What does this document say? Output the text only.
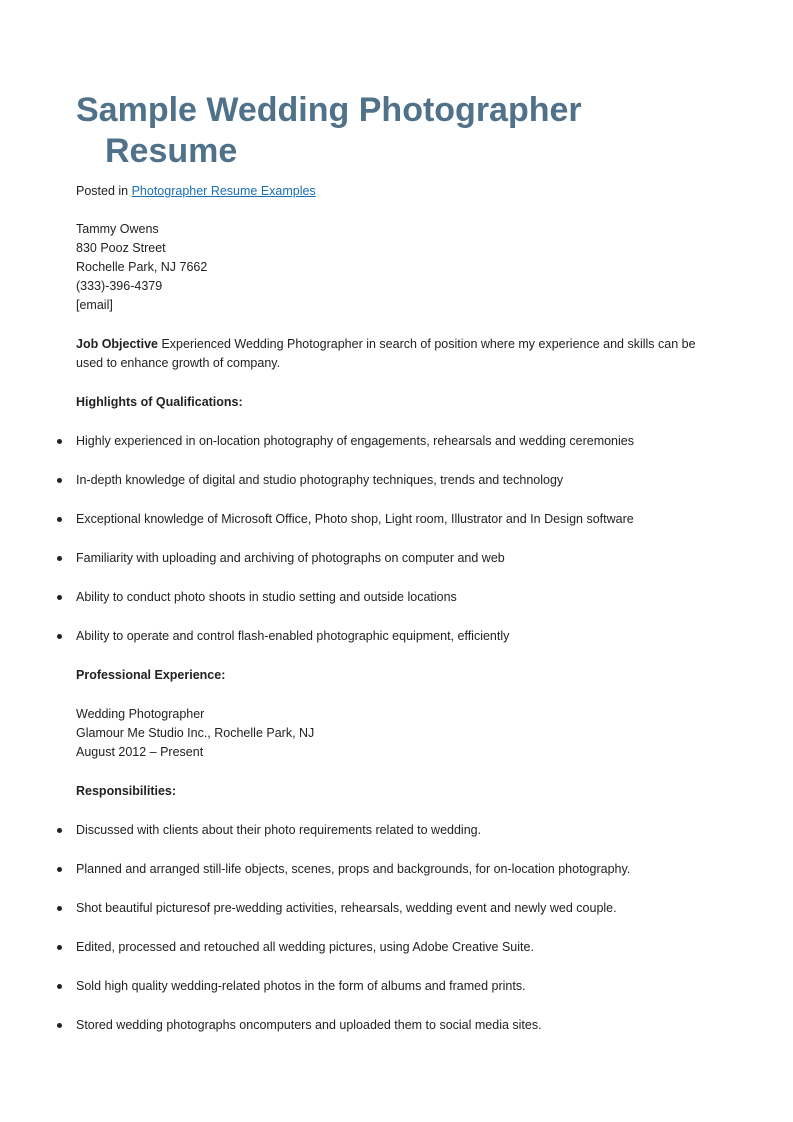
Sample Wedding Photographer
Resume
Posted in Photographer Resume Examples
Tammy Owens
830 Pooz Street
Rochelle Park, NJ 7662
(333)-396-4379
[email]
Job Objective Experienced Wedding Photographer in search of position where my experience and skills can be used to enhance growth of company.
Highlights of Qualifications:
Highly experienced in on-location photography of engagements, rehearsals and wedding ceremonies
In-depth knowledge of digital and studio photography techniques, trends and technology
Exceptional knowledge of Microsoft Office, Photo shop, Light room, Illustrator and In Design software
Familiarity with uploading and archiving of photographs on computer and web
Ability to conduct photo shoots in studio setting and outside locations
Ability to operate and control flash-enabled photographic equipment, efficiently
Professional Experience:
Wedding Photographer
Glamour Me Studio Inc., Rochelle Park, NJ
August 2012 – Present
Responsibilities:
Discussed with clients about their photo requirements related to wedding.
Planned and arranged still-life objects, scenes, props and backgrounds, for on-location photography.
Shot beautiful picturesof pre-wedding activities, rehearsals, wedding event and newly wed couple.
Edited, processed and retouched all wedding pictures, using Adobe Creative Suite.
Sold high quality wedding-related photos in the form of albums and framed prints.
Stored wedding photographs oncomputers and uploaded them to social media sites.
